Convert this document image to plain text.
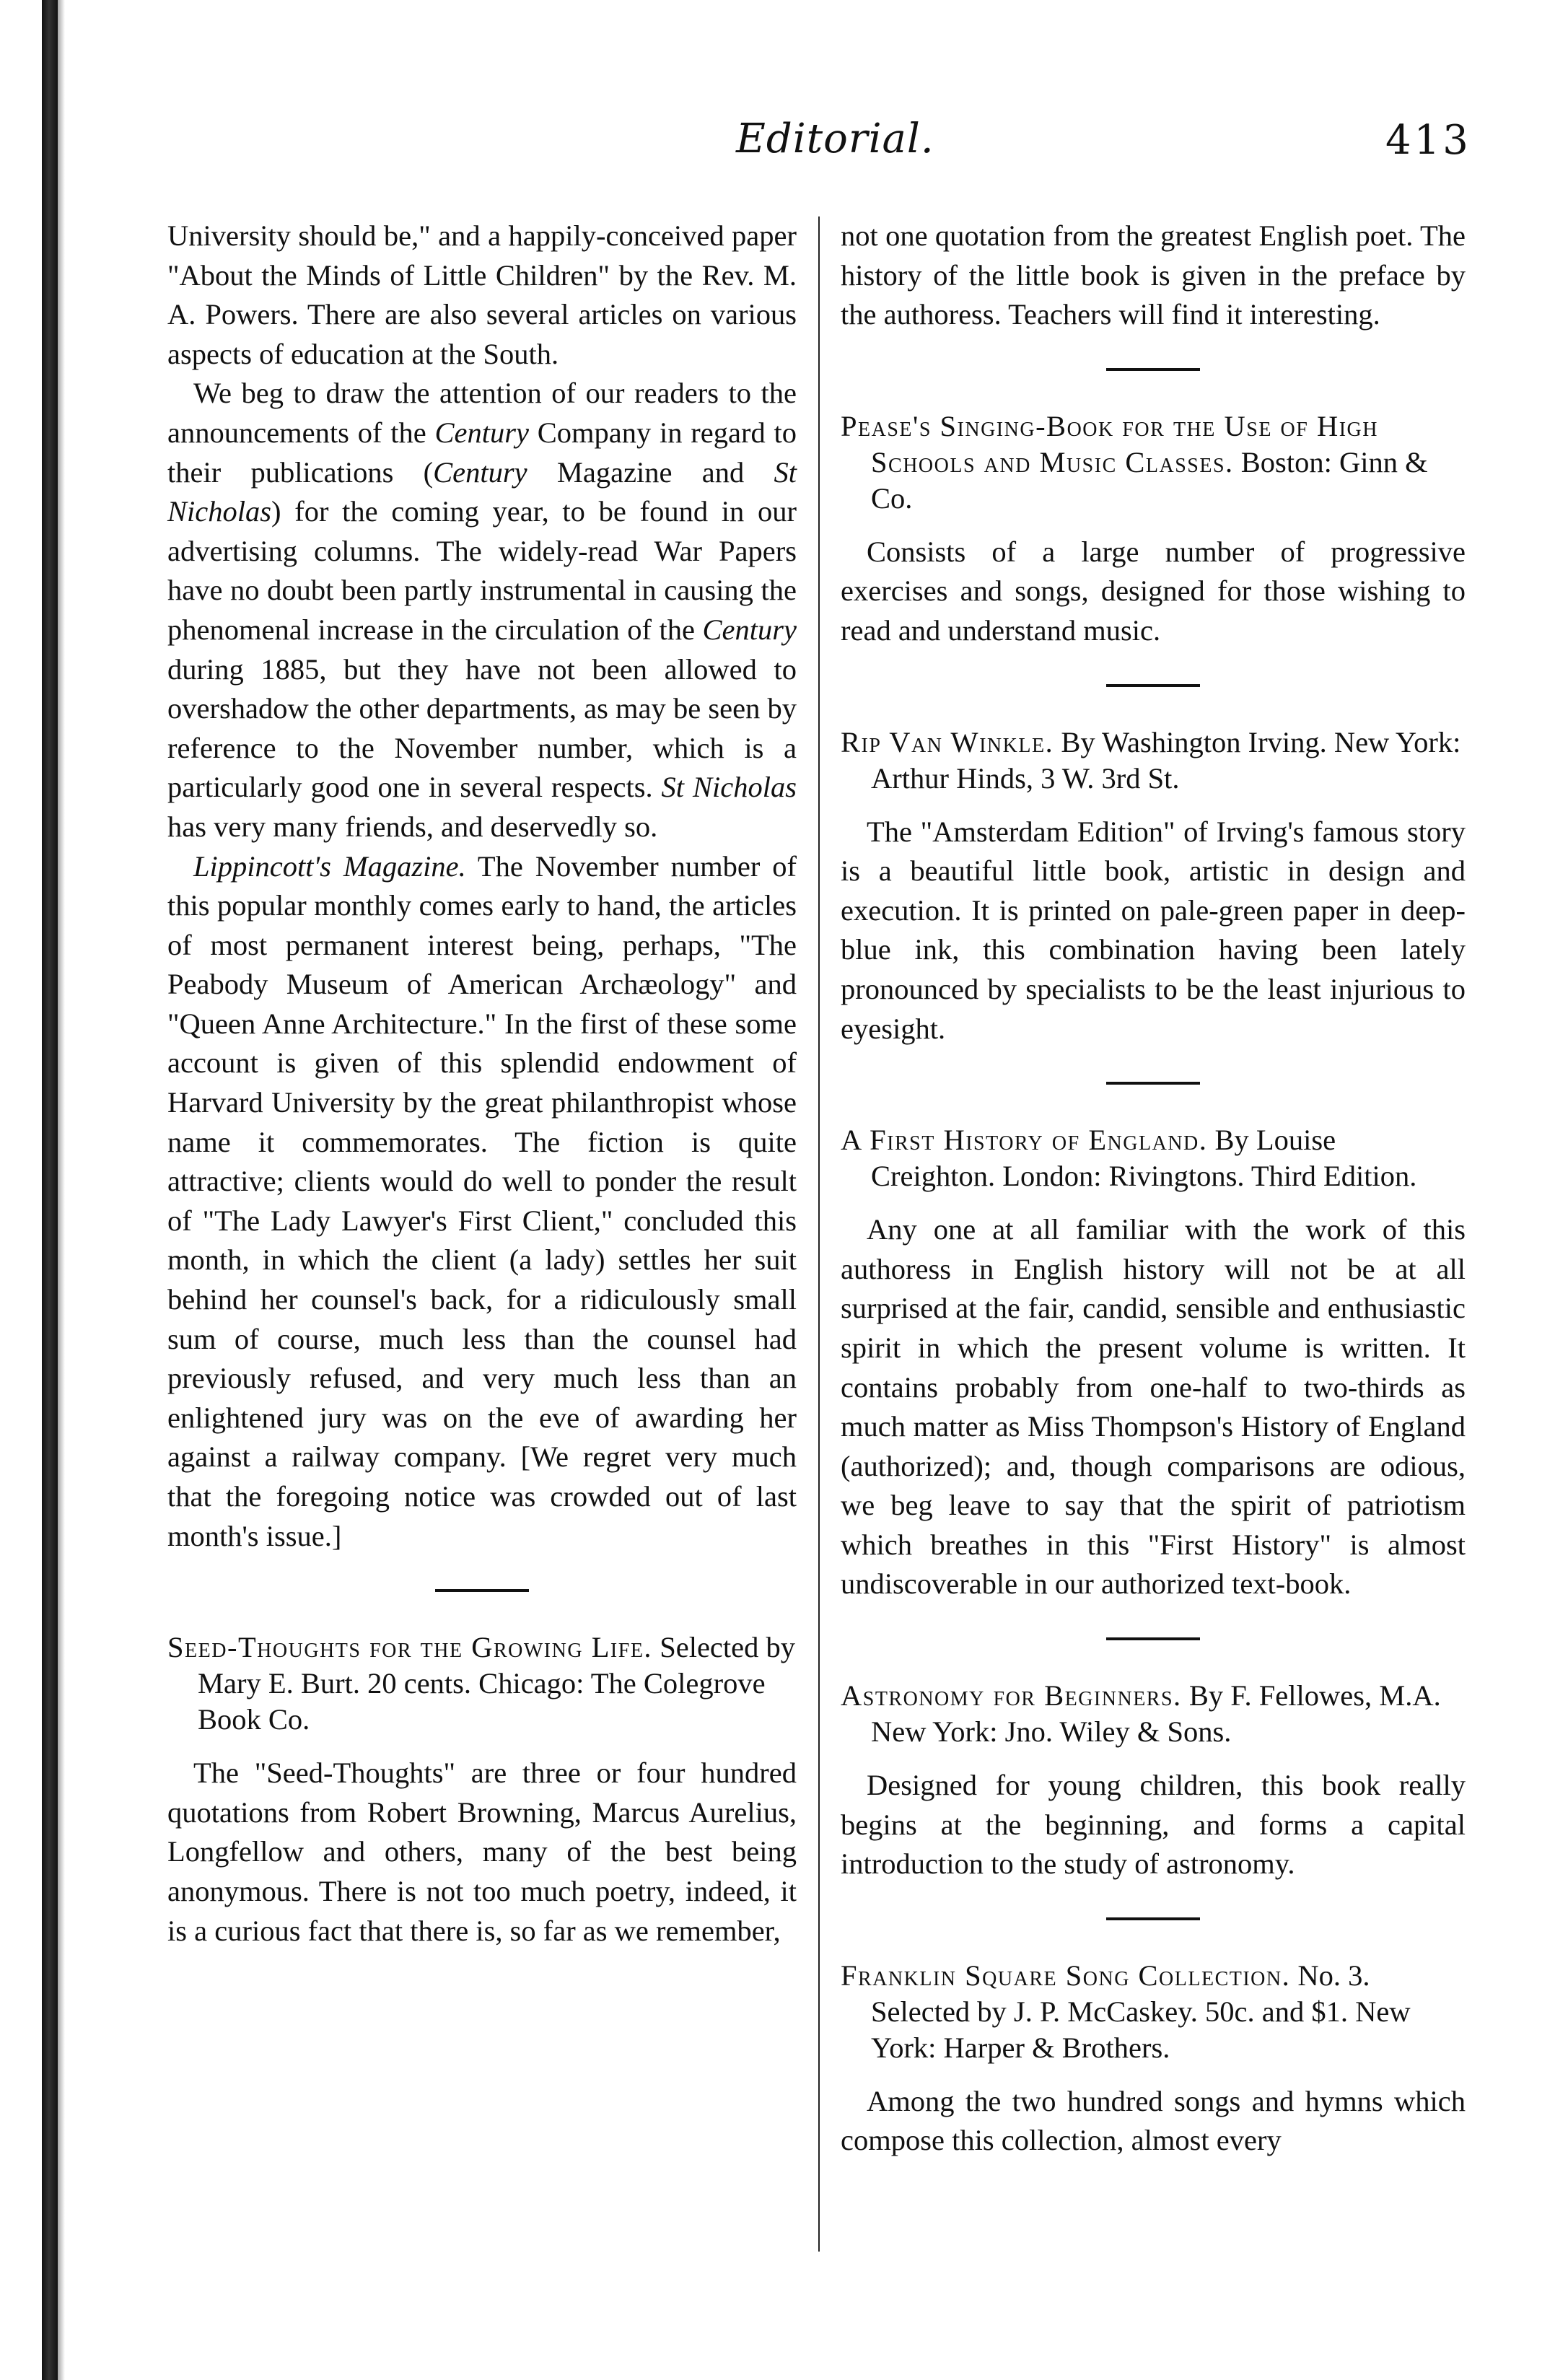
Editorial.	413

University should be," and a happily-conceived paper "About the Minds of Little Children" by the Rev. M. A. Powers. There are also several articles on various aspects of education at the South.

We beg to draw the attention of our readers to the announcements of the Century Company in regard to their publications (Century Magazine and St Nicholas) for the coming year, to be found in our advertising columns. The widely-read War Papers have no doubt been partly instrumental in causing the phenomenal increase in the circulation of the Century during 1885, but they have not been allowed to overshadow the other departments, as may be seen by reference to the November number, which is a particularly good one in several respects. St Nicholas has very many friends, and deservedly so.

Lippincott's Magazine. The November number of this popular monthly comes early to hand, the articles of most permanent interest being, perhaps, "The Peabody Museum of American Archæology" and "Queen Anne Architecture." In the first of these some account is given of this splendid endowment of Harvard University by the great philanthropist whose name it commemorates. The fiction is quite attractive; clients would do well to ponder the result of "The Lady Lawyer's First Client," concluded this month, in which the client (a lady) settles her suit behind her counsel's back, for a ridiculously small sum of course, much less than the counsel had previously refused, and very much less than an enlightened jury was on the eve of awarding her against a railway company. [We regret very much that the foregoing notice was crowded out of last month's issue.]

Seed-Thoughts for the Growing Life. Selected by Mary E. Burt. 20 cents. Chicago: The Colegrove Book Co.

The "Seed-Thoughts" are three or four hundred quotations from Robert Browning, Marcus Aurelius, Longfellow and others, many of the best being anonymous. There is not too much poetry, indeed, it is a curious fact that there is, so far as we remember,

not one quotation from the greatest English poet. The history of the little book is given in the preface by the authoress. Teachers will find it interesting.

Pease's Singing-Book for the Use of High Schools and Music Classes. Boston: Ginn & Co.

Consists of a large number of progressive exercises and songs, designed for those wishing to read and understand music.

Rip Van Winkle. By Washington Irving. New York: Arthur Hinds, 3 W. 3rd St.

The "Amsterdam Edition" of Irving's famous story is a beautiful little book, artistic in design and execution. It is printed on pale-green paper in deep-blue ink, this combination having been lately pronounced by specialists to be the least injurious to eyesight.

A First History of England. By Louise Creighton. London: Rivingtons. Third Edition.

Any one at all familiar with the work of this authoress in English history will not be at all surprised at the fair, candid, sensible and enthusiastic spirit in which the present volume is written. It contains probably from one-half to two-thirds as much matter as Miss Thompson's History of England (authorized); and, though comparisons are odious, we beg leave to say that the spirit of patriotism which breathes in this "First History" is almost undiscoverable in our authorized text-book.

Astronomy for Beginners. By F. Fellowes, M.A. New York: Jno. Wiley & Sons.

Designed for young children, this book really begins at the beginning, and forms a capital introduction to the study of astronomy.

Franklin Square Song Collection. No. 3. Selected by J. P. McCaskey. 50c. and $1. New York: Harper & Brothers.

Among the two hundred songs and hymns which compose this collection, almost every
